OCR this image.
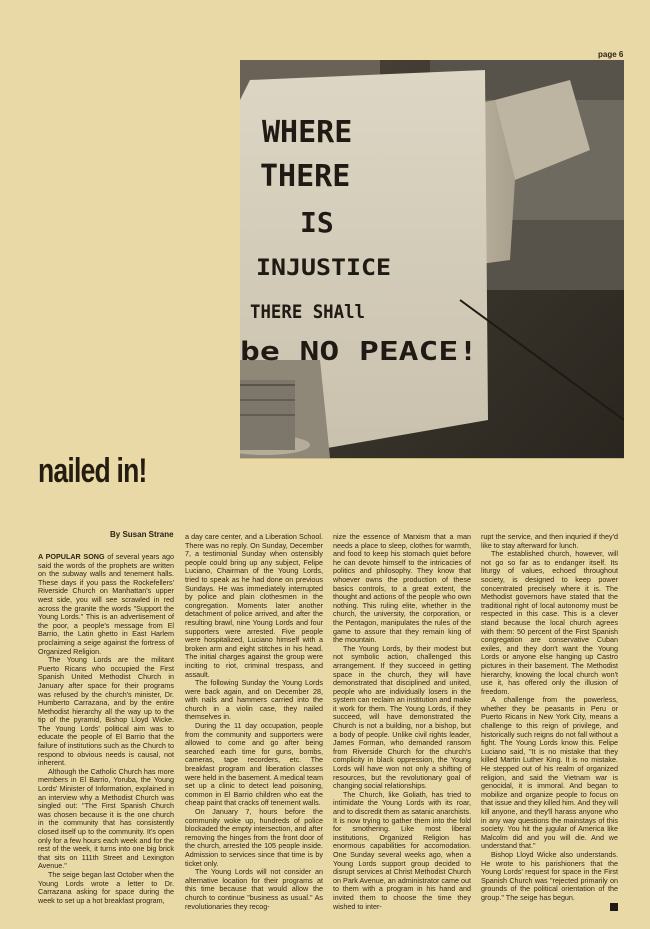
page 6
WHERE
THERE
IS
INJUSTICE
THERE SHAll
be NO PEACE!
nailed in!
By Susan Strane

A POPULAR SONG of several years ago said the words of the prophets are written on the subway walls and tenement halls. These days if you pass the Rockefellers' Riverside Church on Manhattan's upper west side, you will see scrawled in red across the granite the words "Support the Young Lords." This is an advertisement of the poor, a people's message from El Barrio, the Latin ghetto in East Harlem proclaiming a seige against the fortress of Organized Religion.

The Young Lords are the militant Puerto Ricans who occupied the First Spanish United Methodist Church in January after space for their programs was refused by the church's minister, Dr. Humberto Carrazana, and by the entire Methodist hierarchy all the way up to the tip of the pyramid, Bishop Lloyd Wicke. The Young Lords' political aim was to educate the people of El Barrio that the failure of institutions such as the Church to respond to obvious needs is causal, not inherent.

Although the Catholic Church has more members in El Barrio, Yoruba, the Young Lords' Minister of Information, explained in an interview why a Methodist Church was singled out: "The First Spanish Church was chosen because it is the one church in the community that has consistently closed itself up to the community. It's open only for a few hours each week and for the rest of the week, it turns into one big brick that sits on 111th Street and Lexington Avenue."

The seige began last October when the Young Lords wrote a letter to Dr. Carrazana asking for space during the week to set up a hot breakfast program,

a day care center, and a Liberation School. There was no reply. On Sunday, December 7, a testimonial Sunday when ostensibly people could bring up any subject, Felipe Luciano, Chairman of the Young Lords, tried to speak as he had done on previous Sundays. He was immediately interrupted by police and plain clothesmen in the congregation. Moments later another detachment of police arrived, and after the resulting brawl, nine Young Lords and four supporters were arrested. Five people were hospitalized, Luciano himself with a broken arm and eight stitches in his head. The initial charges against the group were inciting to riot, criminal trespass, and assault.

The following Sunday the Young Lords were back again, and on December 28, with nails and hammers carried into the church in a violin case, they nailed themselves in.

During the 11 day occupation, people from the community and supporters were allowed to come and go after being searched each time for guns, bombs, cameras, tape recorders, etc. The breakfast program and liberation classes were held in the basement. A medical team set up a clinic to detect lead poisoning, common in El Barrio children who eat the cheap paint that cracks off tenement walls.

On January 7, hours before the community woke up, hundreds of police blockaded the empty intersection, and after removing the hinges from the front door of the church, arrested the 105 people inside. Admission to services since that time is by ticket only.

The Young Lords will not consider an alternative location for their programs at this time because that would allow the church to continue "business as usual." As revolutionaries they recog-

nize the essence of Marxism that a man needs a place to sleep, clothes for warmth, and food to keep his stomach quiet before he can devote himself to the intricacies of politics and philosophy. They know that whoever owns the production of these basics controls, to a great extent, the thought and actions of the people who own nothing. This ruling elite, whether in the church, the university, the corporation, or the Pentagon, manipulates the rules of the game to assure that they remain king of the mountain.

The Young Lords, by their modest but not symbolic action, challenged this arrangement. If they succeed in getting space in the church, they will have demonstrated that disciplined and united, people who are individually losers in the system can reclaim an institution and make it work for them. The Young Lords, if they succeed, will have demonstrated the Church is not a building, nor a bishop, but a body of people. Unlike civil rights leader, James Forman, who demanded ransom from Riverside Church for the church's complicity in black oppression, the Young Lords will have won not only a shifting of resources, but the revolutionary goal of changing social relationships.

The Church, like Goliath, has tried to intimidate the Young Lords with its roar, and to discredit them as satanic anarchists. It is now trying to gather them into the fold for smothering. Like most liberal institutions, Organized Religion has enormous capabilities for accomodation. One Sunday several weeks ago, when a Young Lords support group decided to disrupt services at Christ Methodist Church on Park Avenue, an administrator came out to them with a program in his hand and invited them to choose the time they wished to inter-

rupt the service, and then inquried if they'd like to stay afterward for lunch.

The established church, however, will not go so far as to endanger itself. Its liturgy of values, echoed throughout society, is designed to keep power concentrated precisely where it is. The Methodist governors have stated that the traditional right of local autonomy must be respected in this case. This is a clever stand because the local church agrees with them: 50 percent of the First Spanish congregation are conservative Cuban exiles, and they don't want the Young Lords or anyone else hanging up Castro pictures in their basement. The Methodist hierarchy, knowing the local church won't use it, has offered only the illusion of freedom.

A challenge from the powerless, whether they be peasants in Peru or Puerto Ricans in New York City, means a challenge to this reign of privilege, and historically such reigns do not fall without a fight. The Young Lords know this. Felipe Luciano said, "It is no mistake that they killed Martin Luther King. It is no mistake. He stepped out of his realm of organized religion, and said the Vietnam war is genocidal, it is immoral. And began to mobilize and organize people to focus on that issue and they killed him. And they will kill anyone, and they'll harass anyone who in any way questions the mainstays of this society. You hit the jugular of America like Malcolm did and you will die. And we understand that."

Bishop Lloyd Wicke also understands. He wrote to his parishioners that the Young Lords' request for space in the First Spanish Church was "rejected primarily on grounds of the political orientation of the group." The seige has begun.
